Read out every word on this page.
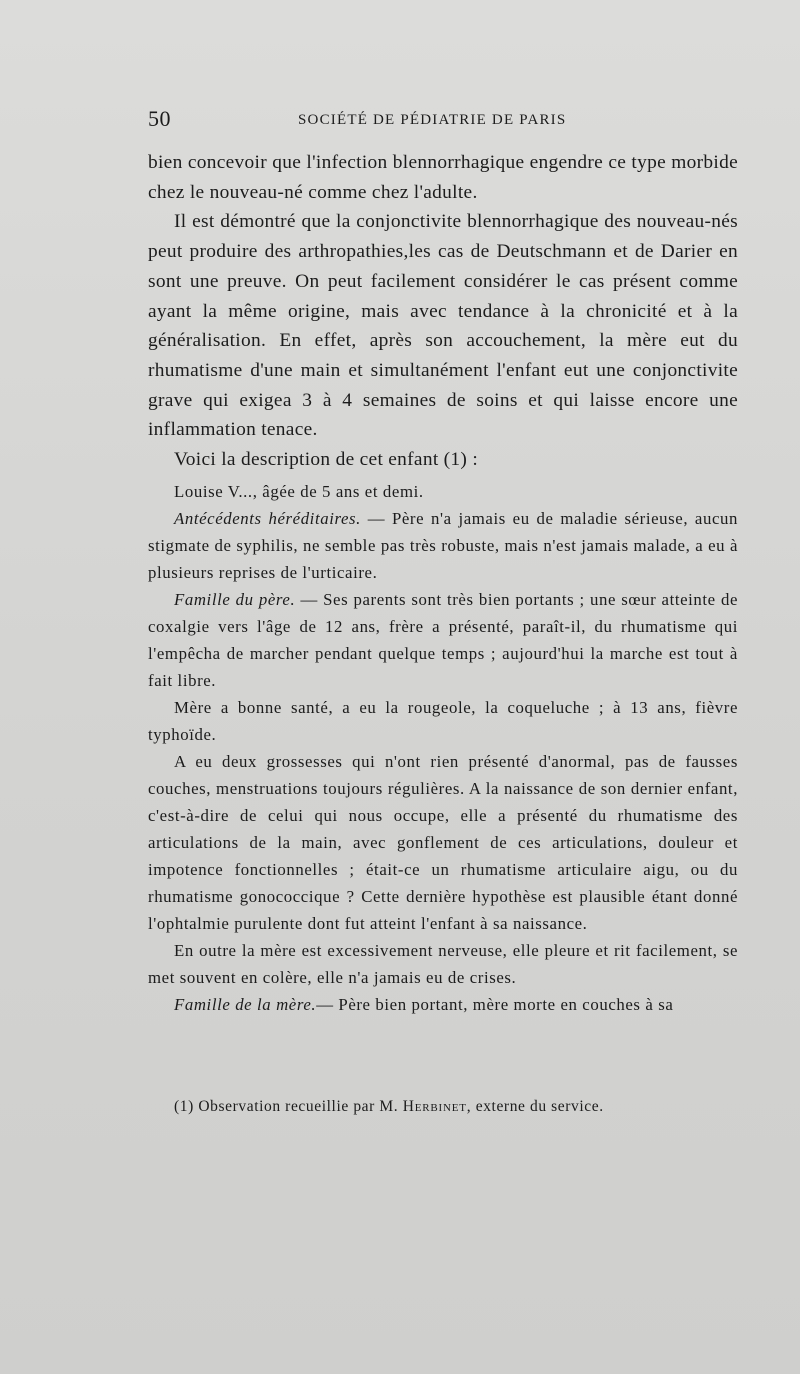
50	SOCIÉTÉ DE PÉDIATRIE DE PARIS

bien concevoir que l'infection blennorrhagique engendre ce type morbide chez le nouveau-né comme chez l'adulte.

Il est démontré que la conjonctivite blennorrhagique des nouveau-nés peut produire des arthropathies,les cas de Deutschmann et de Darier en sont une preuve. On peut facilement considérer le cas présent comme ayant la même origine, mais avec tendance à la chronicité et à la généralisation. En effet, après son accouchement, la mère eut du rhumatisme d'une main et simultanément l'enfant eut une conjonctivite grave qui exigea 3 à 4 semaines de soins et qui laisse encore une inflammation tenace.

Voici la description de cet enfant (1) :

Louise V..., âgée de 5 ans et demi.

Antécédents héréditaires. — Père n'a jamais eu de maladie sérieuse, aucun stigmate de syphilis, ne semble pas très robuste, mais n'est jamais malade, a eu à plusieurs reprises de l'urticaire.

Famille du père. — Ses parents sont très bien portants ; une sœur atteinte de coxalgie vers l'âge de 12 ans, frère a présenté, paraît-il, du rhumatisme qui l'empêcha de marcher pendant quelque temps ; aujourd'hui la marche est tout à fait libre.

Mère a bonne santé, a eu la rougeole, la coqueluche ; à 13 ans, fièvre typhoïde.

A eu deux grossesses qui n'ont rien présenté d'anormal, pas de fausses couches, menstruations toujours régulières. A la naissance de son dernier enfant, c'est-à-dire de celui qui nous occupe, elle a présenté du rhumatisme des articulations de la main, avec gonflement de ces articulations, douleur et impotence fonctionnelles ; était-ce un rhumatisme articulaire aigu, ou du rhumatisme gonococcique ? Cette dernière hypothèse est plausible étant donné l'ophtalmie purulente dont fut atteint l'enfant à sa naissance.

En outre la mère est excessivement nerveuse, elle pleure et rit facilement, se met souvent en colère, elle n'a jamais eu de crises.

Famille de la mère.— Père bien portant, mère morte en couches à sa

(1) Observation recueillie par M. Herbinet, externe du service.
